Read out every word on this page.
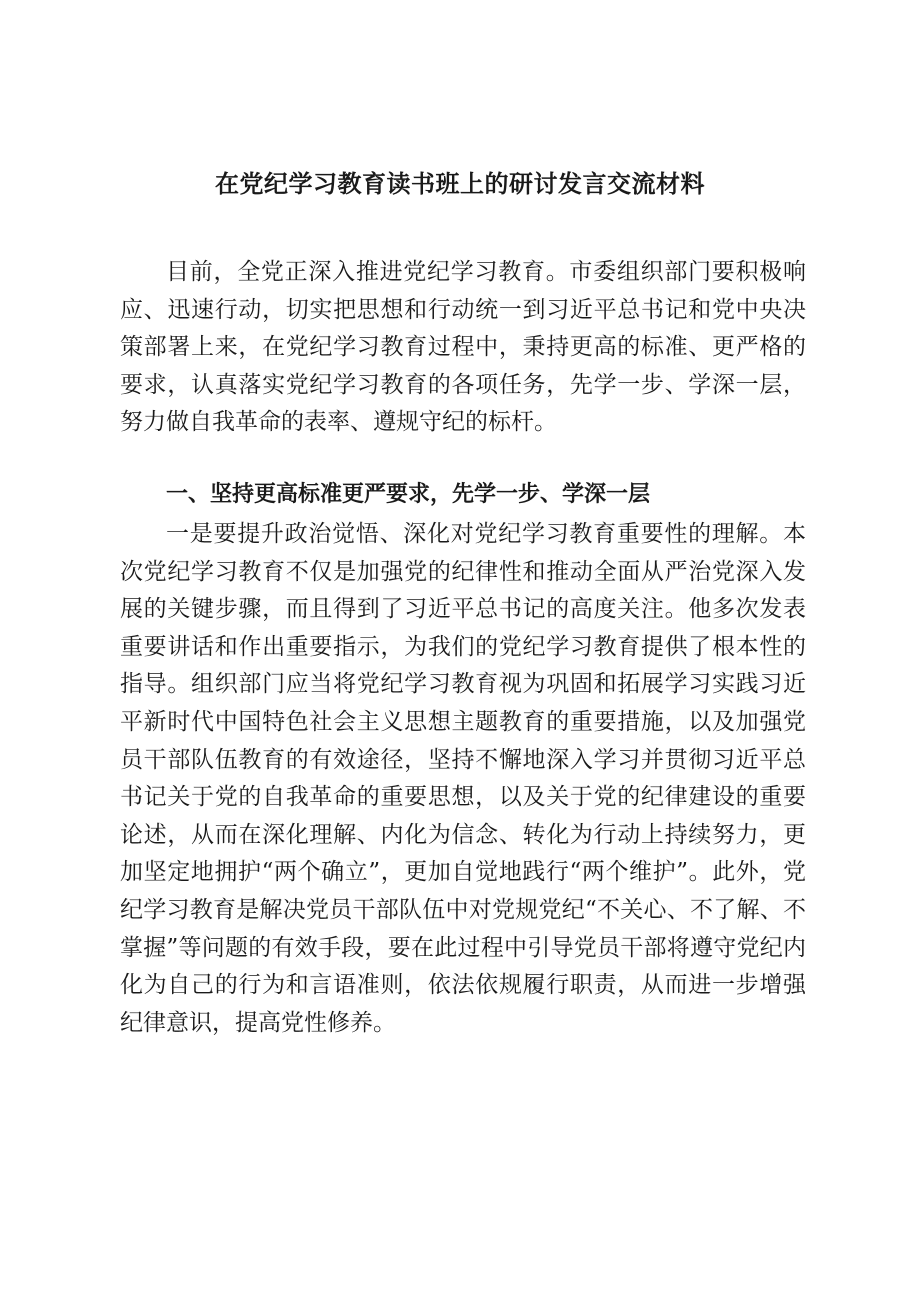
在党纪学习教育读书班上的研讨发言交流材料

目前，全党正深入推进党纪学习教育。市委组织部门要积极响应、迅速行动，切实把思想和行动统一到习近平总书记和党中央决策部署上来，在党纪学习教育过程中，秉持更高的标准、更严格的要求，认真落实党纪学习教育的各项任务，先学一步、学深一层，努力做自我革命的表率、遵规守纪的标杆。

一、坚持更高标准更严要求，先学一步、学深一层

一是要提升政治觉悟、深化对党纪学习教育重要性的理解。本次党纪学习教育不仅是加强党的纪律性和推动全面从严治党深入发展的关键步骤，而且得到了习近平总书记的高度关注。他多次发表重要讲话和作出重要指示，为我们的党纪学习教育提供了根本性的指导。组织部门应当将党纪学习教育视为巩固和拓展学习实践习近平新时代中国特色社会主义思想主题教育的重要措施，以及加强党员干部队伍教育的有效途径，坚持不懈地深入学习并贯彻习近平总书记关于党的自我革命的重要思想，以及关于党的纪律建设的重要论述，从而在深化理解、内化为信念、转化为行动上持续努力，更加坚定地拥护“两个确立”，更加自觉地践行“两个维护”。此外，党纪学习教育是解决党员干部队伍中对党规党纪“不关心、不了解、不掌握”等问题的有效手段，要在此过程中引导党员干部将遵守党纪内化为自己的行为和言语准则，依法依规履行职责，从而进一步增强纪律意识，提高党性修养。
